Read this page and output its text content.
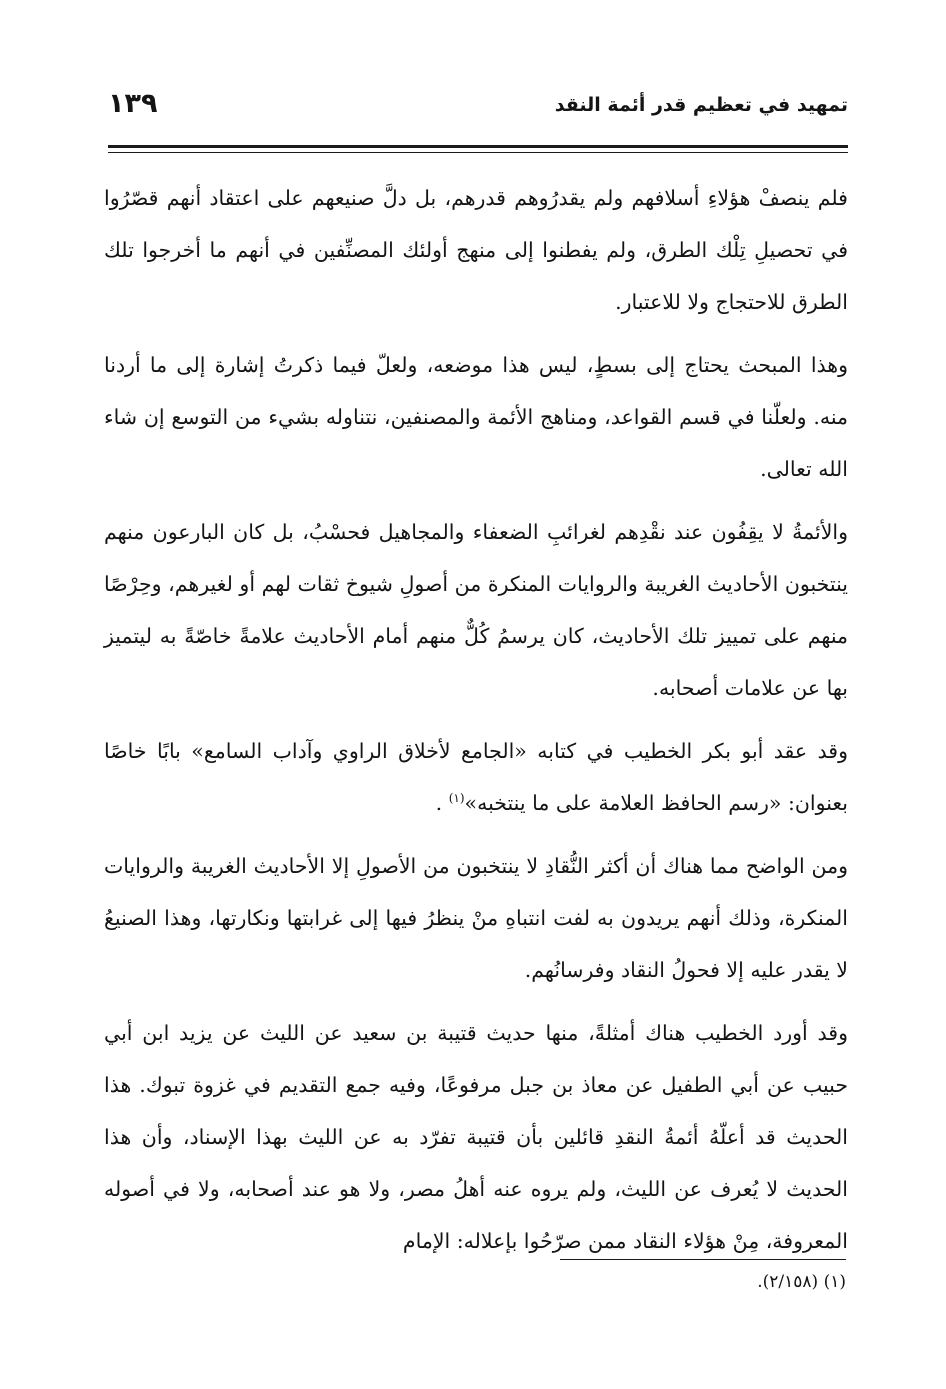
تمهيد في تعظيم قدر أئمة النقد
١٣٩

فلم ينصفْ هؤلاءِ أسلافهم ولم يقدرُوهم قدرهم، بل دلَّ صنيعهم على اعتقاد أنهم قصّرُوا في تحصيلِ تِلْك الطرق، ولم يفطنوا إلى منهج أولئك المصنِّفين في أنهم ما أخرجوا تلك الطرق للاحتجاج ولا للاعتبار.

وهذا المبحث يحتاج إلى بسطٍ، ليس هذا موضعه، ولعلّ فيما ذكرتُ إشارة إلى ما أردنا منه. ولعلّنا في قسم القواعد، ومناهج الأئمة والمصنفين، نتناوله بشيء من التوسع إن شاء الله تعالى.

والأئمةُ لا يقِفُون عند نقْدِهم لغرائبِ الضعفاء والمجاهيل فحسْبُ، بل كان البارعون منهم ينتخبون الأحاديث الغريبة والروايات المنكرة من أصولِ شيوخ ثقات لهم أو لغيرهم، وحِرْصًا منهم على تمييز تلك الأحاديث، كان يرسمُ كُلٌّ منهم أمام الأحاديث علامةً خاصّةً به ليتميز بها عن علامات أصحابه.

وقد عقد أبو بكر الخطيب في كتابه «الجامع لأخلاق الراوي وآداب السامع» بابًا خاصًا بعنوان: «رسم الحافظ العلامة على ما ينتخبه»$^{(١)}$ .

ومن الواضح مما هناك أن أكثر النُّقادِ لا ينتخبون من الأصولِ إلا الأحاديث الغريبة والروايات المنكرة، وذلك أنهم يريدون به لفت انتباهِ منْ ينظرُ فيها إلى غرابتها ونكارتها، وهذا الصنيعُ لا يقدر عليه إلا فحولُ النقاد وفرسانُهم.

وقد أورد الخطيب هناك أمثلةً، منها حديث قتيبة بن سعيد عن الليث عن يزيد ابن أبي حبيب عن أبي الطفيل عن معاذ بن جبل مرفوعًا، وفيه جمع التقديم في غزوة تبوك. هذا الحديث قد أعلّهُ أئمةُ النقدِ قائلين بأن قتيبة تفرّد به عن الليث بهذا الإسناد، وأن هذا الحديث لا يُعرف عن الليث، ولم يروه عنه أهلُ مصر، ولا هو عند أصحابه، ولا في أصوله المعروفة، مِنْ هؤلاء النقاد ممن صرّحُوا بإعلاله: الإمام

(١) (٢/١٥٨).
